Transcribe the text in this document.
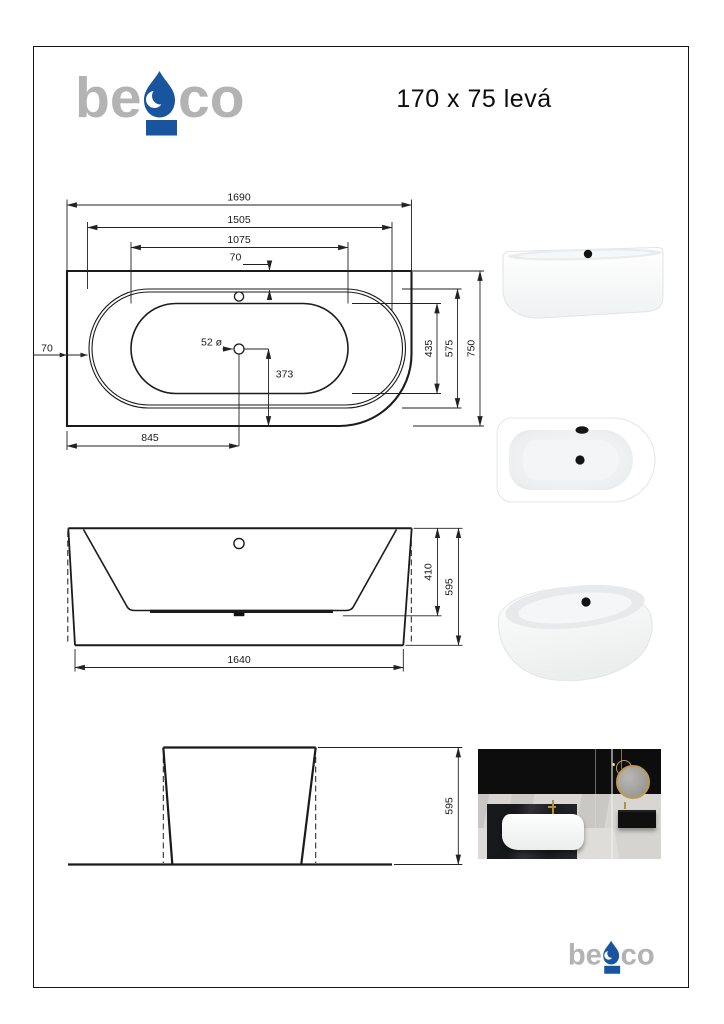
be co	170 x 75 levá
1690
1505
1075
70
70	52 ø
373
845
435 575 750
410
595
1640
595
be co
